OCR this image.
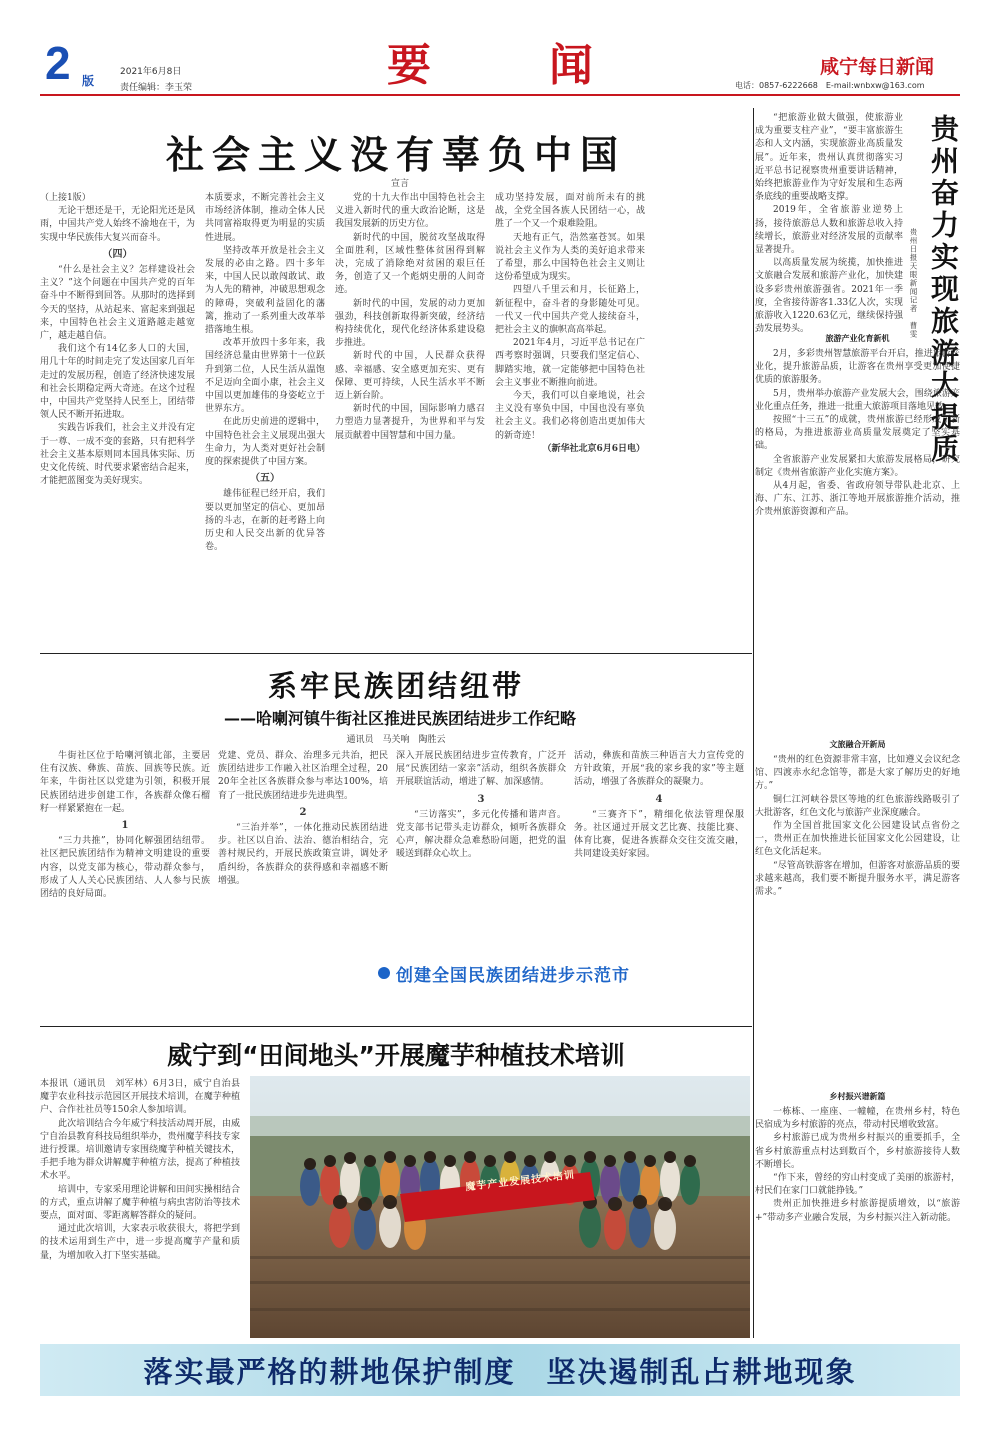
2 版
2021年6月8日
责任编辑：李玉荣	要　　闻	咸宁每日新闻
电话：0857-6222668　E-mail:wnbxw@163.com
社会主义没有辜负中国
宣言

（上接1版）

无论干想还是干，无论阳光还是风雨，中国共产党人始终不渝地在干，为实现中华民族伟大复兴而奋斗。

（四）

“什么是社会主义？怎样建设社会主义？”这个问题在中国共产党的百年奋斗中不断得到回答。从那时的选择到今天的坚持，从站起来、富起来到强起来，中国特色社会主义道路越走越宽广，越走越自信。

我们这个有14亿多人口的大国，用几十年的时间走完了发达国家几百年走过的发展历程，创造了经济快速发展和社会长期稳定两大奇迹。在这个过程中，中国共产党坚持人民至上，团结带领人民不断开拓进取。

实践告诉我们，社会主义并没有定于一尊、一成不变的套路，只有把科学社会主义基本原则同本国具体实际、历史文化传统、时代要求紧密结合起来，才能把蓝图变为美好现实。

本质要求，不断完善社会主义市场经济体制，推动全体人民共同富裕取得更为明显的实质性进展。

坚持改革开放是社会主义发展的必由之路。四十多年来，中国人民以敢闯敢试、敢为人先的精神，冲破思想观念的障碍，突破利益固化的藩篱，推动了一系列重大改革举措落地生根。

改革开放四十多年来，我国经济总量由世界第十一位跃升到第二位，人民生活从温饱不足迈向全面小康，社会主义中国以更加雄伟的身姿屹立于世界东方。

在此历史前进的逻辑中，中国特色社会主义展现出强大生命力，为人类对更好社会制度的探索提供了中国方案。

（五）

雄伟征程已经开启，我们要以更加坚定的信心、更加昂扬的斗志，在新的赶考路上向历史和人民交出新的优异答卷。

党的十九大作出中国特色社会主义进入新时代的重大政治论断，这是我国发展新的历史方位。

新时代的中国，脱贫攻坚战取得全面胜利，区域性整体贫困得到解决，完成了消除绝对贫困的艰巨任务，创造了又一个彪炳史册的人间奇迹。

新时代的中国，发展的动力更加强劲，科技创新取得新突破，经济结构持续优化，现代化经济体系建设稳步推进。

新时代的中国，人民群众获得感、幸福感、安全感更加充实、更有保障、更可持续，人民生活水平不断迈上新台阶。

新时代的中国，国际影响力感召力塑造力显著提升，为世界和平与发展贡献着中国智慧和中国力量。

成功坚持发展，面对前所未有的挑战，全党全国各族人民团结一心，战胜了一个又一个艰难险阻。

天地有正气，浩然塞苍冥。如果说社会主义作为人类的美好追求带来了希望，那么中国特色社会主义则让这份希望成为现实。

四望八千里云和月，长征路上，新征程中，奋斗者的身影随处可见。一代又一代中国共产党人接续奋斗，把社会主义的旗帜高高举起。

2021年4月，习近平总书记在广西考察时强调，只要我们坚定信心、脚踏实地，就一定能够把中国特色社会主义事业不断推向前进。

今天，我们可以自豪地说，社会主义没有辜负中国，中国也没有辜负社会主义。我们必将创造出更加伟大的新奇迹！

（新华社北京6月6日电）

系牢民族团结纽带
——哈喇河镇牛街社区推进民族团结进步工作纪略
通讯员　马关响　陶胜云

牛街社区位于哈喇河镇北部，主要居住有汉族、彝族、苗族、回族等民族。近年来，牛街社区以党建为引领，积极开展民族团结进步创建工作，各族群众像石榴籽一样紧紧抱在一起。

1

“三力共推”，协同化解强团结纽带。社区把民族团结作为精神文明建设的重要内容，以党支部为核心，带动群众参与，形成了人人关心民族团结、人人参与民族团结的良好局面。

党建、党员、群众、治理多元共治，把民族团结进步工作融入社区治理全过程，2020年全社区各族群众参与率达100%，培育了一批民族团结进步先进典型。

2

“三治并举”，一体化推动民族团结进步。社区以自治、法治、德治相结合，完善村规民约，开展民族政策宣讲，调处矛盾纠纷，各族群众的获得感和幸福感不断增强。

深入开展民族团结进步宣传教育，广泛开展“民族团结一家亲”活动，组织各族群众开展联谊活动，增进了解、加深感情。

3

“三访落实”，多元化传播和谐声音。党支部书记带头走访群众，倾听各族群众心声，解决群众急难愁盼问题，把党的温暖送到群众心坎上。

活动，彝族和苗族三种语言大力宣传党的方针政策，开展“我的家乡我的家”等主题活动，增强了各族群众的凝聚力。

4

“三赛齐下”，精细化依法管理保服务。社区通过开展文艺比赛、技能比赛、体育比赛，促进各族群众交往交流交融，共同建设美好家园。

创建全国民族团结进步示范市
威宁到“田间地头”开展魔芋种植技术培训

本报讯（通讯员　刘军林）6月3日，威宁自治县魔芋农业科技示范园区开展技术培训，在魔芋种植户、合作社社员等150余人参加培训。

此次培训结合今年威宁科技活动周开展，由威宁自治县教育科技局组织举办，贵州魔芋科技专家进行授课。培训邀请专家围绕魔芋种植关键技术，手把手地为群众讲解魔芋种植方法，提高了种植技术水平。

培训中，专家采用理论讲解和田间实操相结合的方式，重点讲解了魔芋种植与病虫害防治等技术要点，面对面、零距离解答群众的疑问。

通过此次培训，大家表示收获很大，将把学到的技术运用到生产中，进一步提高魔芋产量和质量，为增加收入打下坚实基础。

魔芋产业发展技术培训
贵州奋力实现旅游大提质
贵州日报天眼新闻记者　曹雯

“把旅游业做大做强，使旅游业成为重要支柱产业”，“要丰富旅游生态和人文内涵，实现旅游业高质量发展”。近年来，贵州认真贯彻落实习近平总书记视察贵州重要讲话精神，始终把旅游业作为守好发展和生态两条底线的重要战略支撑。

2019年，全省旅游业逆势上扬，接待旅游总人数和旅游总收入持续增长，旅游业对经济发展的贡献率显著提升。

以高质量发展为统揽，加快推进文旅融合发展和旅游产业化，加快建设多彩贵州旅游强省。2021年一季度，全省接待游客1.33亿人次，实现旅游收入1220.63亿元，继续保持强劲发展势头。

旅游产业化育新机

2月，多彩贵州智慧旅游平台开启，推进旅游产业化，提升旅游品质，让游客在贵州享受更加便捷优质的旅游服务。

5月，贵州举办旅游产业发展大会，围绕旅游产业化重点任务，推进一批重大旅游项目落地见效。

按照“十三五”的成就，贵州旅游已经形成了新的格局，为推进旅游业高质量发展奠定了坚实基础。

全省旅游产业发展紧扣大旅游发展格局，研究制定《贵州省旅游产业化实施方案》。

从4月起，省委、省政府领导带队赴北京、上海、广东、江苏、浙江等地开展旅游推介活动，推介贵州旅游资源和产品。

文旅融合开新局

“贵州的红色资源非常丰富，比如遵义会议纪念馆、四渡赤水纪念馆等，都是大家了解历史的好地方。”

铜仁江河峡谷景区等地的红色旅游线路吸引了大批游客，红色文化与旅游产业深度融合。

作为全国首批国家文化公园建设试点省份之一，贵州正在加快推进长征国家文化公园建设，让红色文化活起来。

“尽管高铁游客在增加，但游客对旅游品质的要求越来越高，我们要不断提升服务水平，满足游客需求。”

乡村振兴谱新篇

一栋栋、一座座、一幢幢，在贵州乡村，特色民宿成为乡村旅游的亮点，带动村民增收致富。

乡村旅游已成为贵州乡村振兴的重要抓手，全省乡村旅游重点村达到数百个，乡村旅游接待人数不断增长。

“作下来，曾经的穷山村变成了美丽的旅游村，村民们在家门口就能挣钱。”

贵州正加快推进乡村旅游提质增效，以“旅游+”带动多产业融合发展，为乡村振兴注入新动能。

落实最严格的耕地保护制度　坚决遏制乱占耕地现象
